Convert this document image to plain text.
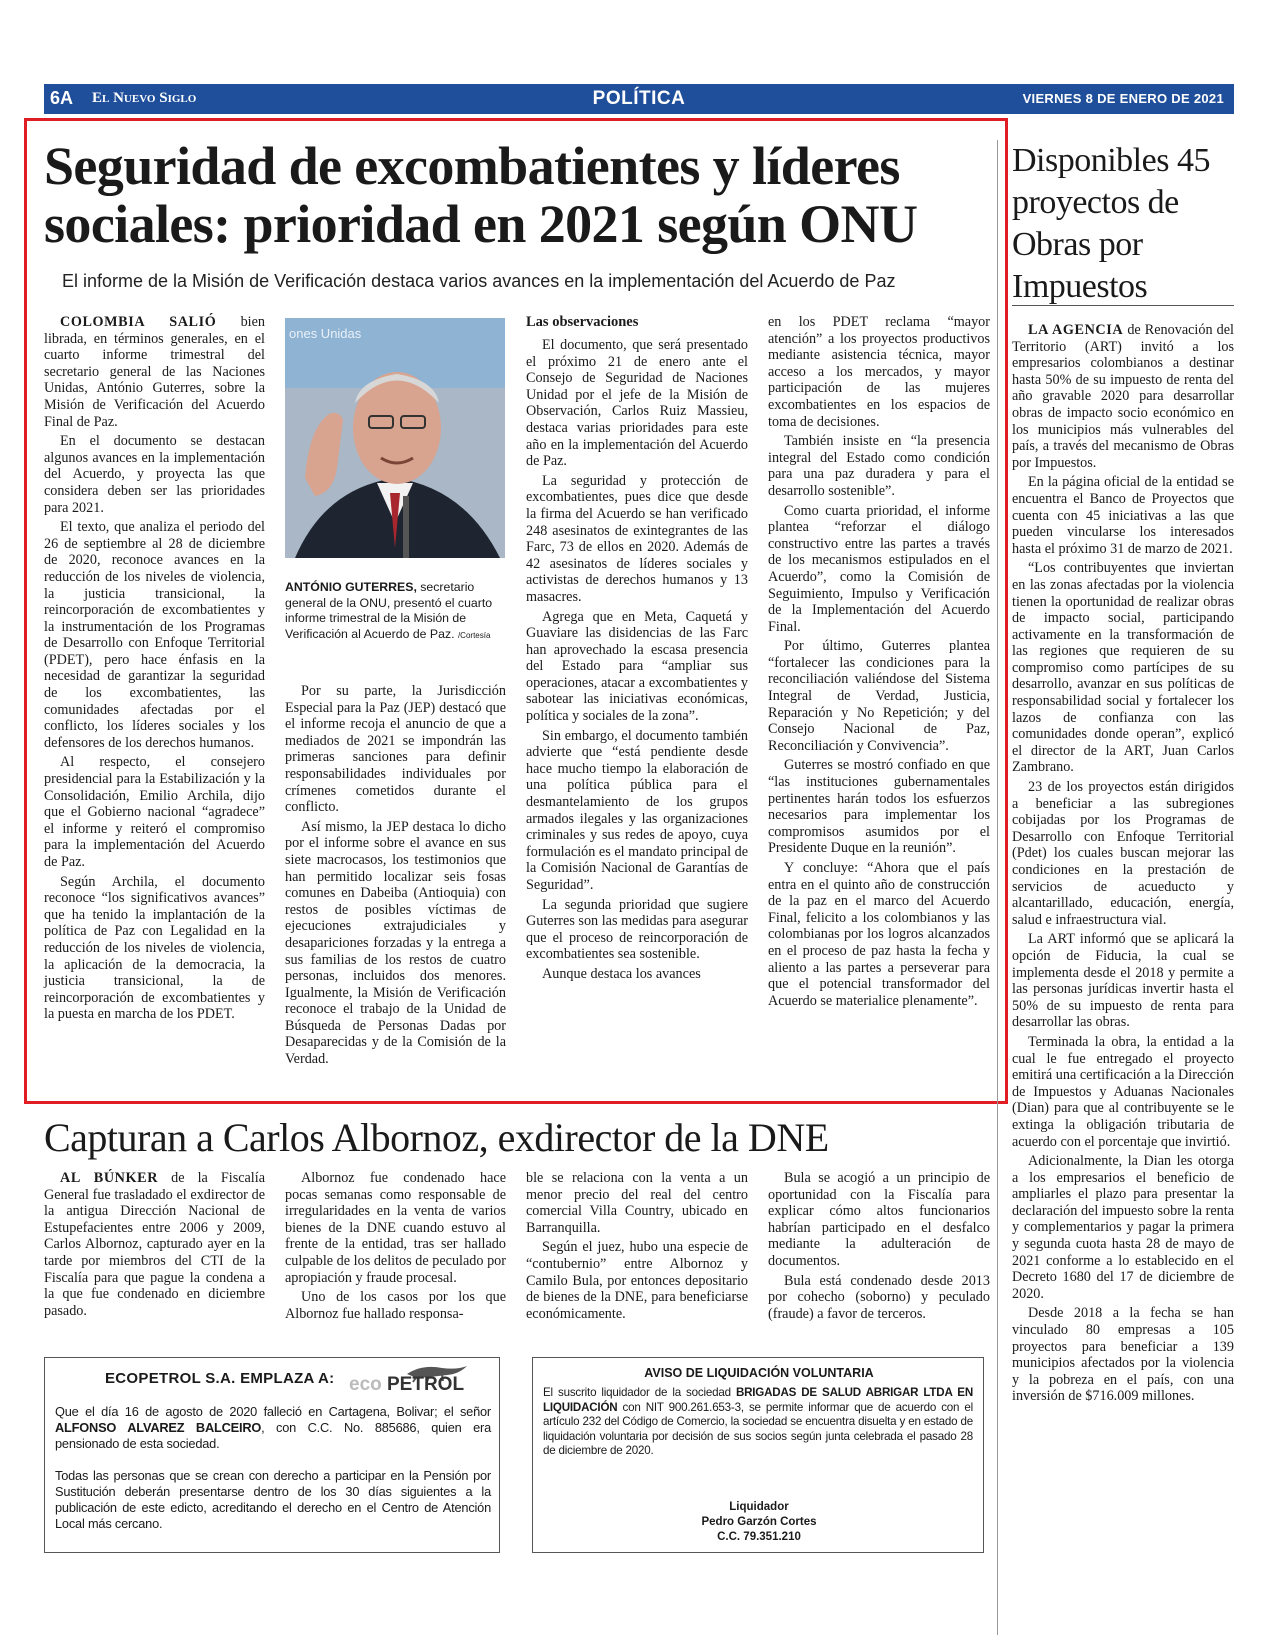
6A El Nuevo Siglo	POLÍTICA	VIERNES 8 DE ENERO DE 2021
Seguridad de excombatientes y líderes
sociales: prioridad en 2021 según ONU
El informe de la Misión de Verificación destaca varios avances en la implementación del Acuerdo de Paz

COLOMBIA SALIÓ bien librada, en términos generales, en el cuarto informe trimestral del secretario general de las Naciones Unidas, António Guterres, sobre la Misión de Verificación del Acuerdo Final de Paz.

En el documento se destacan algunos avances en la implementación del Acuerdo, y proyecta las que considera deben ser las prioridades para 2021.

El texto, que analiza el periodo del 26 de septiembre al 28 de diciembre de 2020, reconoce avances en la reducción de los niveles de violencia, la justicia transicional, la reincorporación de excombatientes y la instrumentación de los Programas de Desarrollo con Enfoque Territorial (PDET), pero hace énfasis en la necesidad de garantizar la seguridad de los excombatientes, las comunidades afectadas por el conflicto, los líderes sociales y los defensores de los derechos humanos.

Al respecto, el consejero presidencial para la Estabilización y la Consolidación, Emilio Archila, dijo que el Gobierno nacional “agradece” el informe y reiteró el compromiso para la implementación del Acuerdo de Paz.

Según Archila, el documento reconoce “los significativos avances” que ha tenido la implantación de la política de Paz con Legalidad en la reducción de los niveles de violencia, la aplicación de la democracia, la justicia transicional, la de reincorporación de excombatientes y la puesta en marcha de los PDET.

ones Unidas
ANTÓNIO GUTERRES, secretario general de la ONU, presentó el cuarto informe trimestral de la Misión de Verificación al Acuerdo de Paz. /Cortesía

Por su parte, la Jurisdicción Especial para la Paz (JEP) destacó que el informe recoja el anuncio de que a mediados de 2021 se impondrán las primeras sanciones para definir responsabilidades individuales por crímenes cometidos durante el conflicto.

Así mismo, la JEP destaca lo dicho por el informe sobre el avance en sus siete macrocasos, los testimonios que han permitido localizar seis fosas comunes en Dabeiba (Antioquia) con restos de posibles víctimas de ejecuciones extrajudiciales y desapariciones forzadas y la entrega a sus familias de los restos de cuatro personas, incluidos dos menores. Igualmente, la Misión de Verificación reconoce el trabajo de la Unidad de Búsqueda de Personas Dadas por Desaparecidas y de la Comisión de la Verdad.

Las observaciones

El documento, que será presentado el próximo 21 de enero ante el Consejo de Seguridad de Naciones Unidad por el jefe de la Misión de Observación, Carlos Ruiz Massieu, destaca varias prioridades para este año en la implementación del Acuerdo de Paz.

La seguridad y protección de excombatientes, pues dice que desde la firma del Acuerdo se han verificado 248 asesinatos de exintegrantes de las Farc, 73 de ellos en 2020. Además de 42 asesinatos de líderes sociales y activistas de derechos humanos y 13 masacres.

Agrega que en Meta, Caquetá y Guaviare las disidencias de las Farc han aprovechado la escasa presencia del Estado para “ampliar sus operaciones, atacar a excombatientes y sabotear las iniciativas económicas, política y sociales de la zona”.

Sin embargo, el documento también advierte que “está pendiente desde hace mucho tiempo la elaboración de una política pública para el desmantelamiento de los grupos armados ilegales y las organizaciones criminales y sus redes de apoyo, cuya formulación es el mandato principal de la Comisión Nacional de Garantías de Seguridad”.

La segunda prioridad que sugiere Guterres son las medidas para asegurar que el proceso de reincorporación de excombatientes sea sostenible.

Aunque destaca los avances

en los PDET reclama “mayor atención” a los proyectos productivos mediante asistencia técnica, mayor acceso a los mercados, y mayor participación de las mujeres excombatientes en los espacios de toma de decisiones.

También insiste en “la presencia integral del Estado como condición para una paz duradera y para el desarrollo sostenible”.

Como cuarta prioridad, el informe plantea “reforzar el diálogo constructivo entre las partes a través de los mecanismos estipulados en el Acuerdo”, como la Comisión de Seguimiento, Impulso y Verificación de la Implementación del Acuerdo Final.

Por último, Guterres plantea “fortalecer las condiciones para la reconciliación valiéndose del Sistema Integral de Verdad, Justicia, Reparación y No Repetición; y del Consejo Nacional de Paz, Reconciliación y Convivencia”.

Guterres se mostró confiado en que “las instituciones gubernamentales pertinentes harán todos los esfuerzos necesarios para implementar los compromisos asumidos por el Presidente Duque en la reunión”.

Y concluye: “Ahora que el país entra en el quinto año de construcción de la paz en el marco del Acuerdo Final, felicito a los colombianos y las colombianas por los logros alcanzados en el proceso de paz hasta la fecha y aliento a las partes a perseverar para que el potencial transformador del Acuerdo se materialice plenamente”.

Disponibles 45 proyectos de Obras por Impuestos

LA AGENCIA de Renovación del Territorio (ART) invitó a los empresarios colombianos a destinar hasta 50% de su impuesto de renta del año gravable 2020 para desarrollar obras de impacto socio económico en los municipios más vulnerables del país, a través del mecanismo de Obras por Impuestos.

En la página oficial de la entidad se encuentra el Banco de Proyectos que cuenta con 45 iniciativas a las que pueden vincularse los interesados hasta el próximo 31 de marzo de 2021.

“Los contribuyentes que inviertan en las zonas afectadas por la violencia tienen la oportunidad de realizar obras de impacto social, participando activamente en la transformación de las regiones que requieren de su compromiso como partícipes de su desarrollo, avanzar en sus políticas de responsabilidad social y fortalecer los lazos de confianza con las comunidades donde operan”, explicó el director de la ART, Juan Carlos Zambrano.

23 de los proyectos están dirigidos a beneficiar a las subregiones cobijadas por los Programas de Desarrollo con Enfoque Territorial (Pdet) los cuales buscan mejorar las condiciones en la prestación de servicios de acueducto y alcantarillado, educación, energía, salud e infraestructura vial.

La ART informó que se aplicará la opción de Fiducia, la cual se implementa desde el 2018 y permite a las personas jurídicas invertir hasta el 50% de su impuesto de renta para desarrollar las obras.

Terminada la obra, la entidad a la cual le fue entregado el proyecto emitirá una certificación a la Dirección de Impuestos y Aduanas Nacionales (Dian) para que al contribuyente se le extinga la obligación tributaria de acuerdo con el porcentaje que invirtió.

Adicionalmente, la Dian les otorga a los empresarios el beneficio de ampliarles el plazo para presentar la declaración del impuesto sobre la renta y complementarios y pagar la primera y segunda cuota hasta 28 de mayo de 2021 conforme a lo establecido en el Decreto 1680 del 17 de diciembre de 2020.

Desde 2018 a la fecha se han vinculado 80 empresas a 105 proyectos para beneficiar a 139 municipios afectados por la violencia y la pobreza en el país, con una inversión de $716.009 millones.

Capturan a Carlos Albornoz, exdirector de la DNE

AL BÚNKER de la Fiscalía General fue trasladado el exdirector de la antigua Dirección Nacional de Estupefacientes entre 2006 y 2009, Carlos Albornoz, capturado ayer en la tarde por miembros del CTI de la Fiscalía para que pague la condena a la que fue condenado en diciembre pasado.

Albornoz fue condenado hace pocas semanas como responsable de irregularidades en la venta de varios bienes de la DNE cuando estuvo al frente de la entidad, tras ser hallado culpable de los delitos de peculado por apropiación y fraude procesal.

Uno de los casos por los que Albornoz fue hallado responsa-

ble se relaciona con la venta a un menor precio del real del centro comercial Villa Country, ubicado en Barranquilla.

Según el juez, hubo una especie de “contubernio” entre Albornoz y Camilo Bula, por entonces depositario de bienes de la DNE, para beneficiarse económicamente.

Bula se acogió a un principio de oportunidad con la Fiscalía para explicar cómo altos funcionarios habrían participado en el desfalco mediante la adulteración de documentos.

Bula está condenado desde 2013 por cohecho (soborno) y peculado (fraude) a favor de terceros.

ECOPETROL S.A. EMPLAZA A: eco PETROL
Que el día 16 de agosto de 2020 falleció en Cartagena, Bolivar; el señor ALFONSO ALVAREZ BALCEIRO, con C.C. No. 885686, quien era pensionado de esta sociedad.
Todas las personas que se crean con derecho a participar en la Pensión por Sustitución deberán presentarse dentro de los 30 días siguientes a la publicación de este edicto, acreditando el derecho en el Centro de Atención Local más cercano.
AVISO DE LIQUIDACIÓN VOLUNTARIA
El suscrito liquidador de la sociedad BRIGADAS DE SALUD ABRIGAR LTDA EN LIQUIDACIÓN con NIT 900.261.653-3, se permite informar que de acuerdo con el artículo 232 del Código de Comercio, la sociedad se encuentra disuelta y en estado de liquidación voluntaria por decisión de sus socios según junta celebrada el pasado 28 de diciembre de 2020.
Liquidador
Pedro Garzón Cortes
C.C. 79.351.210
